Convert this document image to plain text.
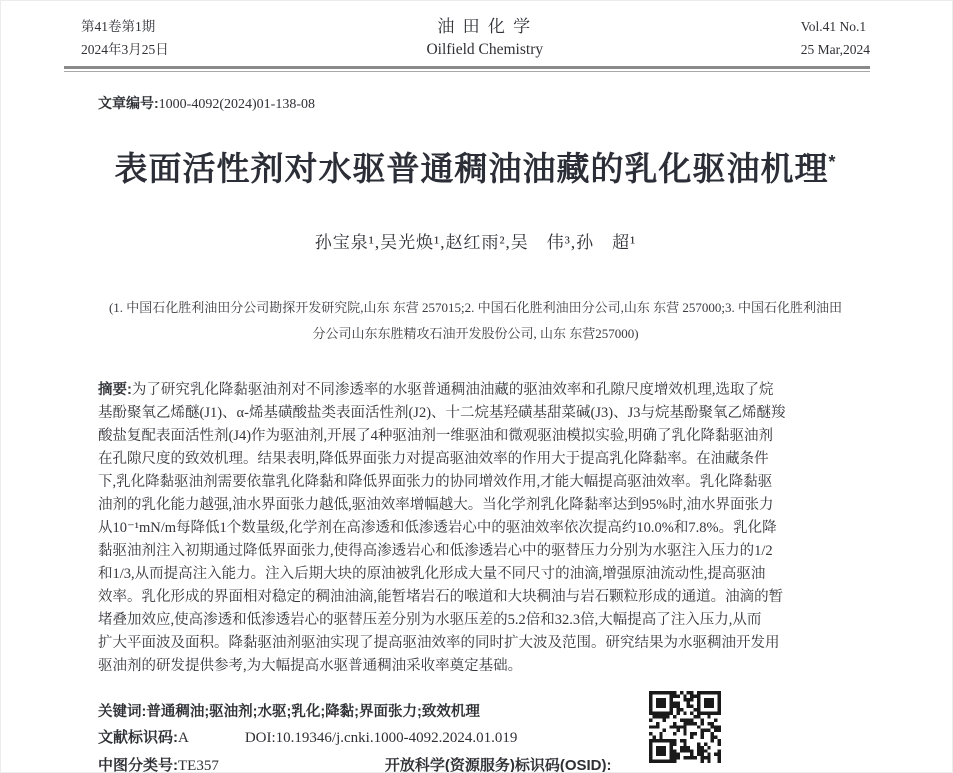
第41卷第1期
2024年3月25日
油 田 化 学
Oilfield Chemistry
Vol.41 No.1
25 Mar,2024
文章编号:1000-4092(2024)01-138-08
表面活性剂对水驱普通稠油油藏的乳化驱油机理*
孙宝泉¹,吴光焕¹,赵红雨²,吴　伟³,孙　超¹
(1. 中国石化胜利油田分公司勘探开发研究院,山东 东营 257015;2. 中国石化胜利油田分公司,山东 东营 257000;3. 中国石化胜利油田
分公司山东东胜精攻石油开发股份公司, 山东 东营257000)
摘要:为了研究乳化降黏驱油剂对不同渗透率的水驱普通稠油油藏的驱油效率和孔隙尺度增效机理,选取了烷
基酚聚氧乙烯醚(J1)、α-烯基磺酸盐类表面活性剂(J2)、十二烷基羟磺基甜菜碱(J3)、J3与烷基酚聚氧乙烯醚羧
酸盐复配表面活性剂(J4)作为驱油剂,开展了4种驱油剂一维驱油和微观驱油模拟实验,明确了乳化降黏驱油剂
在孔隙尺度的致效机理。结果表明,降低界面张力对提高驱油效率的作用大于提高乳化降黏率。在油藏条件
下,乳化降黏驱油剂需要依靠乳化降黏和降低界面张力的协同增效作用,才能大幅提高驱油效率。乳化降黏驱
油剂的乳化能力越强,油水界面张力越低,驱油效率增幅越大。当化学剂乳化降黏率达到95%时,油水界面张力
从10⁻¹mN/m每降低1个数量级,化学剂在高渗透和低渗透岩心中的驱油效率依次提高约10.0%和7.8%。乳化降
黏驱油剂注入初期通过降低界面张力,使得高渗透岩心和低渗透岩心中的驱替压力分别为水驱注入压力的1/2
和1/3,从而提高注入能力。注入后期大块的原油被乳化形成大量不同尺寸的油滴,增强原油流动性,提高驱油
效率。乳化形成的界面相对稳定的稠油油滴,能暂堵岩石的喉道和大块稠油与岩石颗粒形成的通道。油滴的暂
堵叠加效应,使高渗透和低渗透岩心的驱替压差分别为水驱压差的5.2倍和32.3倍,大幅提高了注入压力,从而
扩大平面波及面积。降黏驱油剂驱油实现了提高驱油效率的同时扩大波及范围。研究结果为水驱稠油开发用
驱油剂的研发提供参考,为大幅提高水驱普通稠油采收率奠定基础。
关键词:普通稠油;驱油剂;水驱;乳化;降黏;界面张力;致效机理
文献标识码:A	DOI:10.19346/j.cnki.1000-4092.2024.01.019
中图分类号:TE357	开放科学(资源服务)标识码(OSID):
